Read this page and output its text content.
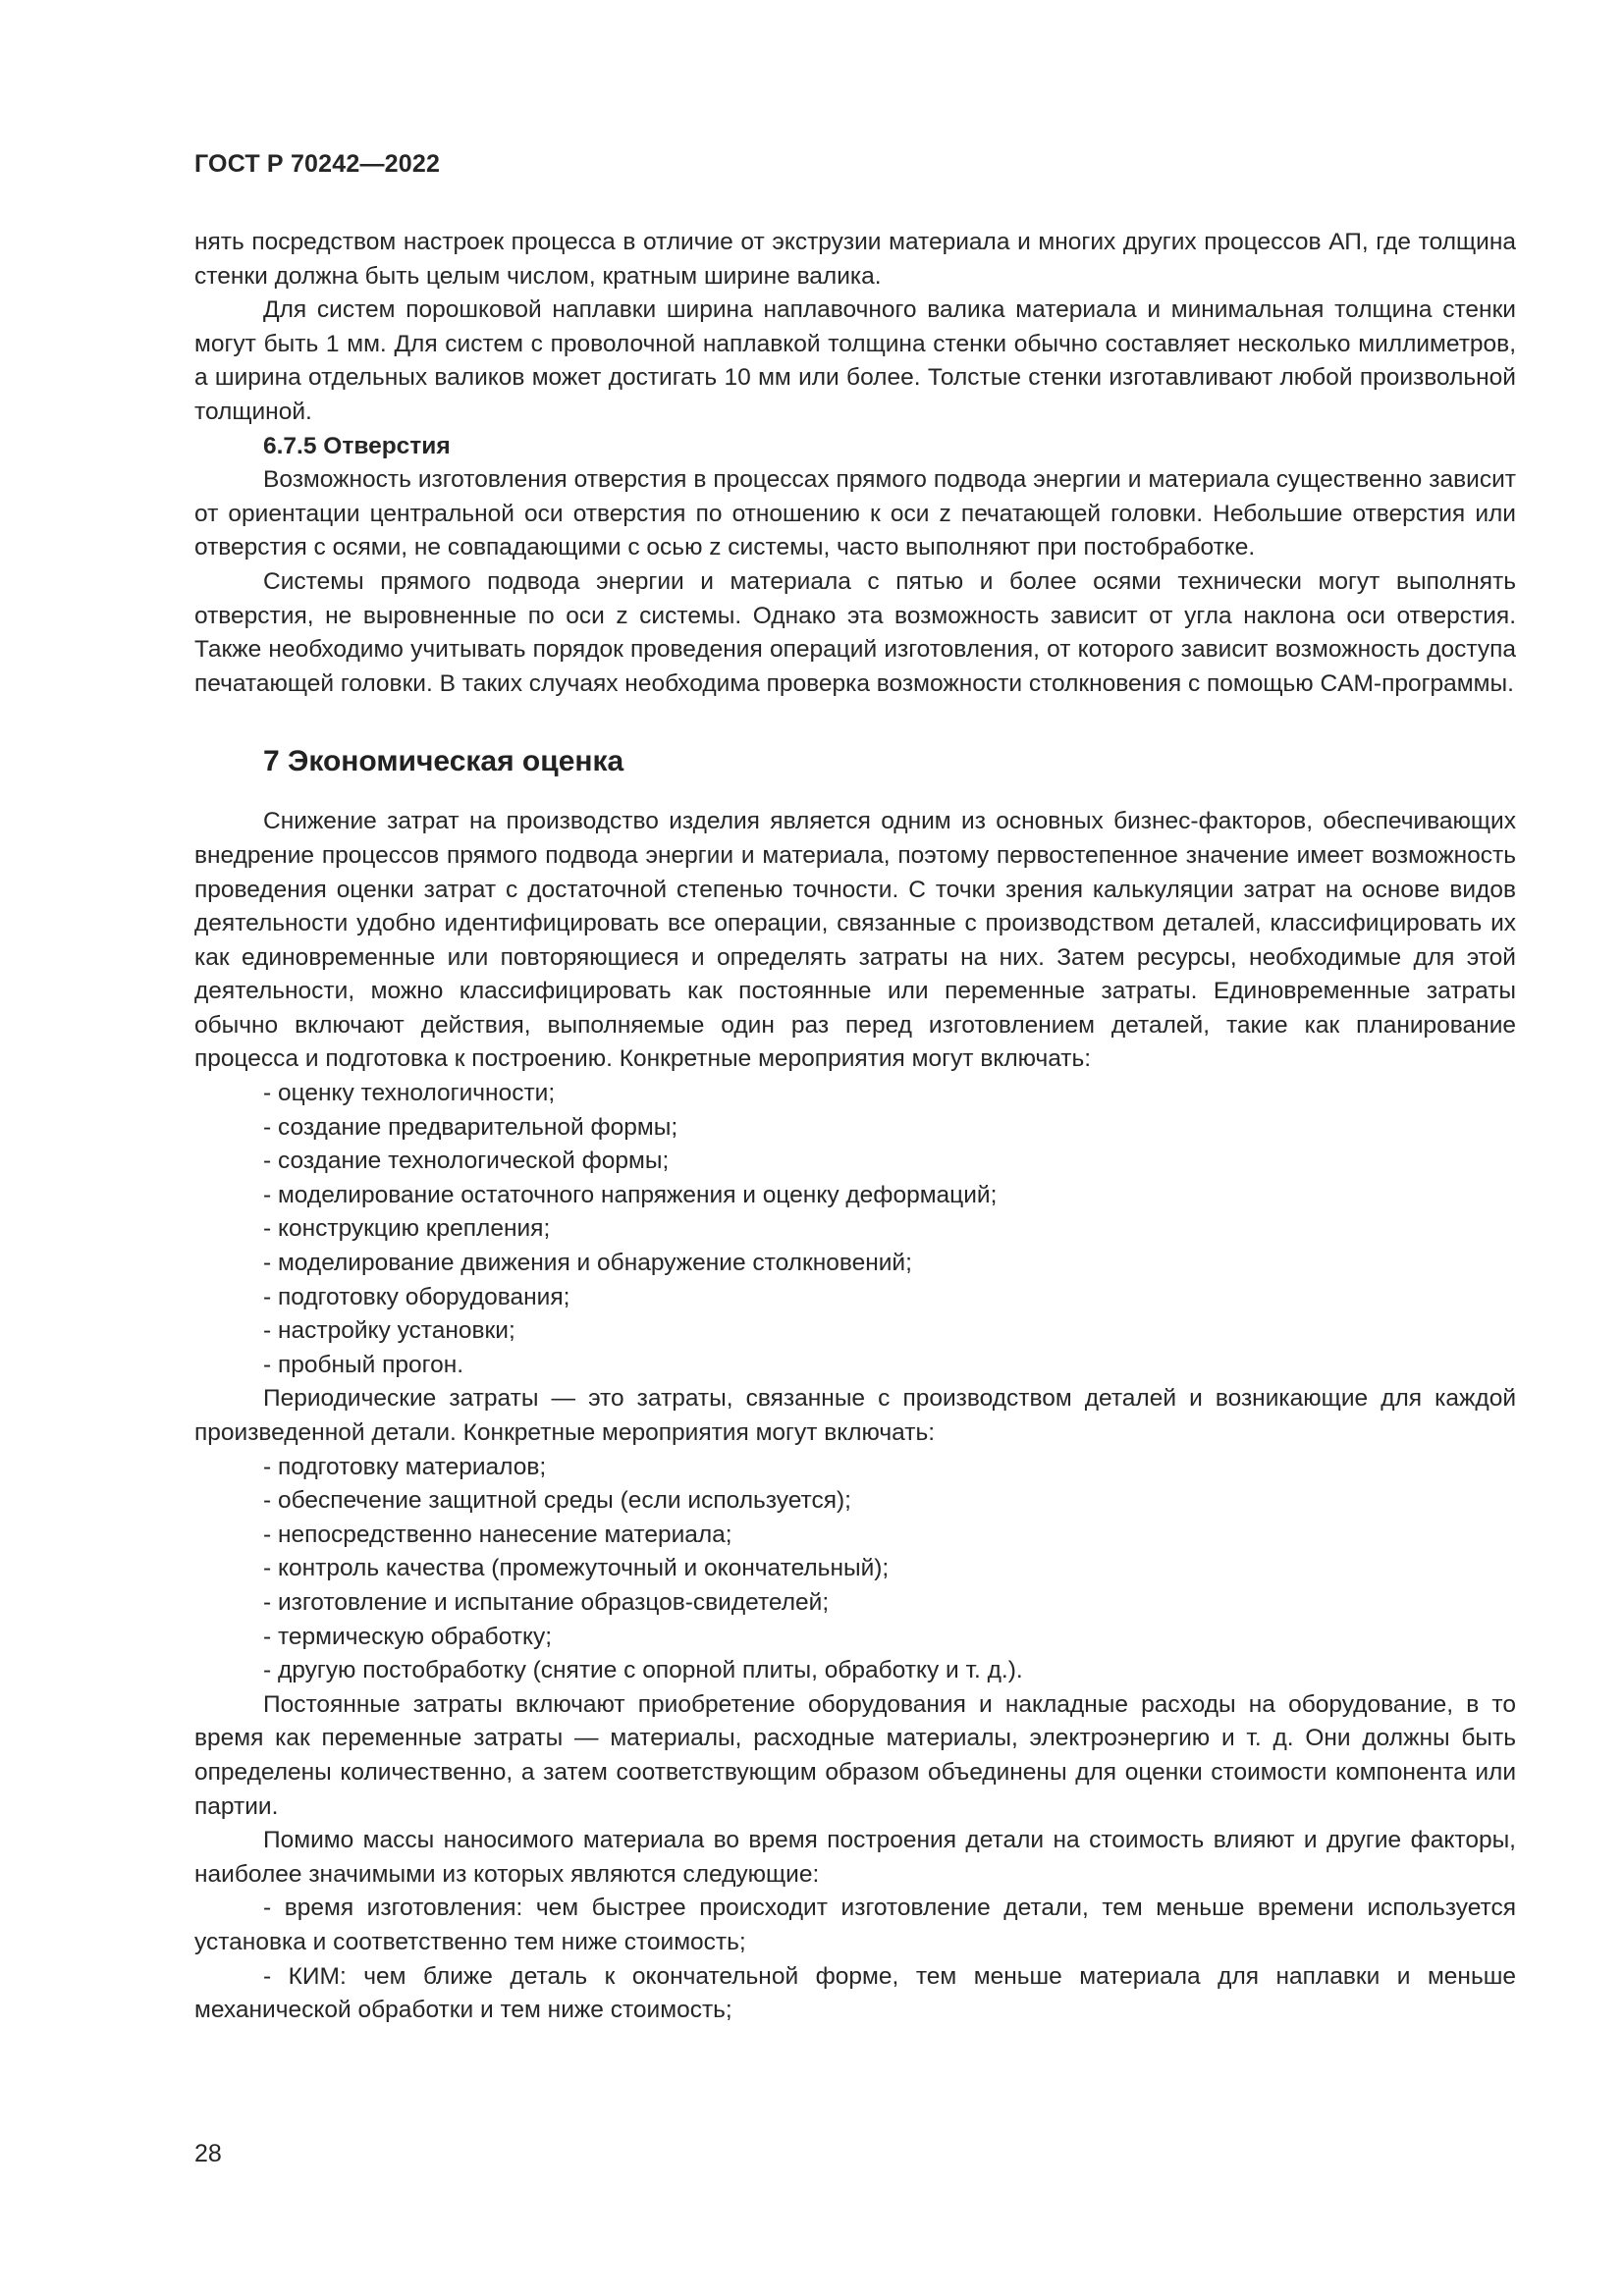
ГОСТ Р 70242—2022

нять посредством настроек процесса в отличие от экструзии материала и многих других процессов АП, где толщина стенки должна быть целым числом, кратным ширине валика.

Для систем порошковой наплавки ширина наплавочного валика материала и минимальная толщина стенки могут быть 1 мм. Для систем с проволочной наплавкой толщина стенки обычно составляет несколько миллиметров, а ширина отдельных валиков может достигать 10 мм или более. Толстые стенки изготавливают любой произвольной толщиной.

6.7.5 Отверстия

Возможность изготовления отверстия в процессах прямого подвода энергии и материала существенно зависит от ориентации центральной оси отверстия по отношению к оси z печатающей головки. Небольшие отверстия или отверстия с осями, не совпадающими с осью z системы, часто выполняют при постобработке.

Системы прямого подвода энергии и материала с пятью и более осями технически могут выполнять отверстия, не выровненные по оси z системы. Однако эта возможность зависит от угла наклона оси отверстия. Также необходимо учитывать порядок проведения операций изготовления, от которого зависит возможность доступа печатающей головки. В таких случаях необходима проверка возможности столкновения с помощью CAM-программы.

7 Экономическая оценка

Снижение затрат на производство изделия является одним из основных бизнес-факторов, обеспечивающих внедрение процессов прямого подвода энергии и материала, поэтому первостепенное значение имеет возможность проведения оценки затрат с достаточной степенью точности. С точки зрения калькуляции затрат на основе видов деятельности удобно идентифицировать все операции, связанные с производством деталей, классифицировать их как единовременные или повторяющиеся и определять затраты на них. Затем ресурсы, необходимые для этой деятельности, можно классифицировать как постоянные или переменные затраты. Единовременные затраты обычно включают действия, выполняемые один раз перед изготовлением деталей, такие как планирование процесса и подготовка к построению. Конкретные мероприятия могут включать:

- оценку технологичности;
- создание предварительной формы;
- создание технологической формы;
- моделирование остаточного напряжения и оценку деформаций;
- конструкцию крепления;
- моделирование движения и обнаружение столкновений;
- подготовку оборудования;
- настройку установки;
- пробный прогон.

Периодические затраты — это затраты, связанные с производством деталей и возникающие для каждой произведенной детали. Конкретные мероприятия могут включать:

- подготовку материалов;
- обеспечение защитной среды (если используется);
- непосредственно нанесение материала;
- контроль качества (промежуточный и окончательный);
- изготовление и испытание образцов-свидетелей;
- термическую обработку;
- другую постобработку (снятие с опорной плиты, обработку и т. д.).

Постоянные затраты включают приобретение оборудования и накладные расходы на оборудование, в то время как переменные затраты — материалы, расходные материалы, электроэнергию и т. д. Они должны быть определены количественно, а затем соответствующим образом объединены для оценки стоимости компонента или партии.

Помимо массы наносимого материала во время построения детали на стоимость влияют и другие факторы, наиболее значимыми из которых являются следующие:

- время изготовления: чем быстрее происходит изготовление детали, тем меньше времени используется установка и соответственно тем ниже стоимость;

- КИМ: чем ближе деталь к окончательной форме, тем меньше материала для наплавки и меньше механической обработки и тем ниже стоимость;

28
